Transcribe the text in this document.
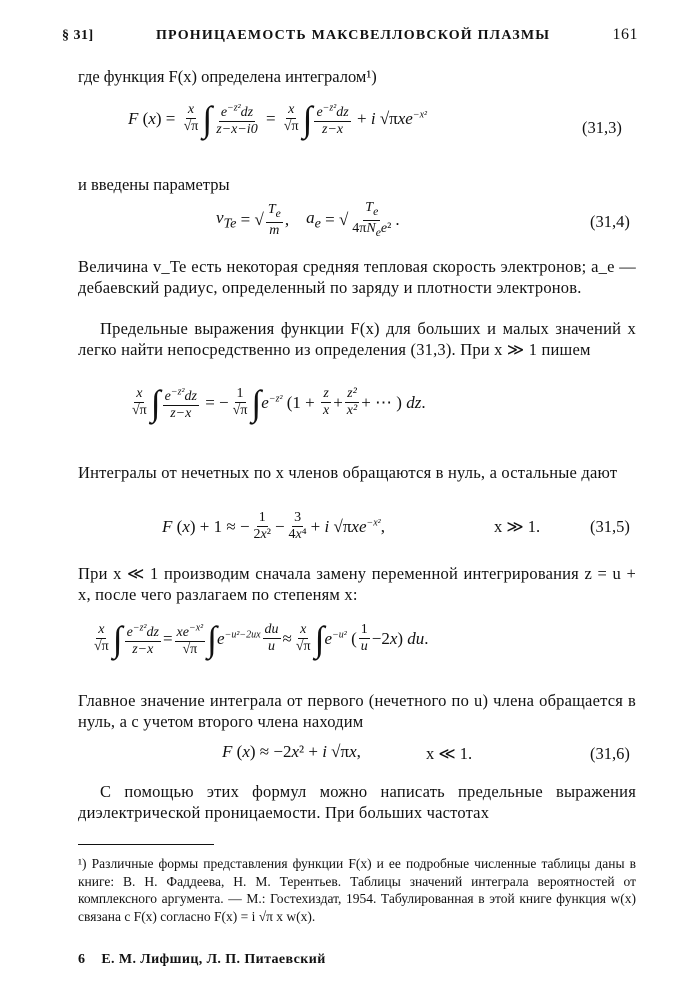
§ 31]	ПРОНИЦАЕМОСТЬ МАКСВЕЛЛОВСКОЙ ПЛАЗМЫ	161
где функция F(x) определена интегралом¹)
F ( x ) = $\frac{x}{√\pi}$ ∫ $\frac{e^{-z^2}dz}{z-x-i0} = \frac{x}{√\pi}$ ∫ $\frac{e^{-z^2}dz}{z-x} + i$ √π $xe^{-x^2}$
(31,3)
и введены параметры
$v_{Te}$ = √ $\frac{T_e}{m}$ , $a_e$ = √ $\frac{T_e}{4\pi N_ee^2}$ .	(31,4)
Величина v_Te есть некоторая средняя тепловая скорость электронов; a_e — дебаевский радиус, определенный по заряду и плотности электронов.
Предельные выражения функции F(x) для больших и малых значений x легко найти непосредственно из определения (31,3). При x ≫ 1 пишем
$\frac{x}{√\pi}$ ∫ $\frac{e^{-z^2}dz}{z-x}$ = − $\frac{1}{√\pi}$ ∫ $e^{-z^2}$ ($1 + \frac{z}{x} + \frac{\text{z²}}{\text{x²}}$ + ⋯ ) dz .
Интегралы от нечетных по x членов обращаются в нуль, а остальные дают
F ( x ) + 1 ≈ − $\frac{1}{\text{2x²}} - \frac{3}{\text{4x⁴}} + i$ √π $xe^{-x^2}$ ,	x ≫ 1.	(31,5)
При x ≪ 1 производим сначала замену переменной интегрирования z = u + x, после чего разлагаем по степеням x:
$\frac{x}{√\pi}$ ∫ $\frac{e^{-z^2}dz}{z-x} = \frac{xe^{-x^2}}{√\pi}$ ∫ $e^{-u^2-2ux} \frac{du}{u} \approx \frac{x}{√\pi}$ ∫ $e^{-u^2}$ ( $\frac{1}{u} -2$ x ) du .
Главное значение интеграла от первого (нечетного по u) члена обращается в нуль, а с учетом второго члена находим
F ( x ) ≈ −2 x ² + i √π x ,	x ≪ 1.	(31,6)
С помощью этих формул можно написать предельные выражения диэлектрической проницаемости. При больших частотах
¹) Различные формы представления функции F(x) и ее подробные численные таблицы даны в книге: В. Н. Фаддеева, Н. М. Терентьев. Таблицы значений интеграла вероятностей от комплексного аргумента. — М.: Гостехиздат, 1954. Табулированная в этой книге функция w(x) связана с F(x) согласно F(x) = i √π x w(x).
6 Е. М. Лифшиц, Л. П. Питаевский
